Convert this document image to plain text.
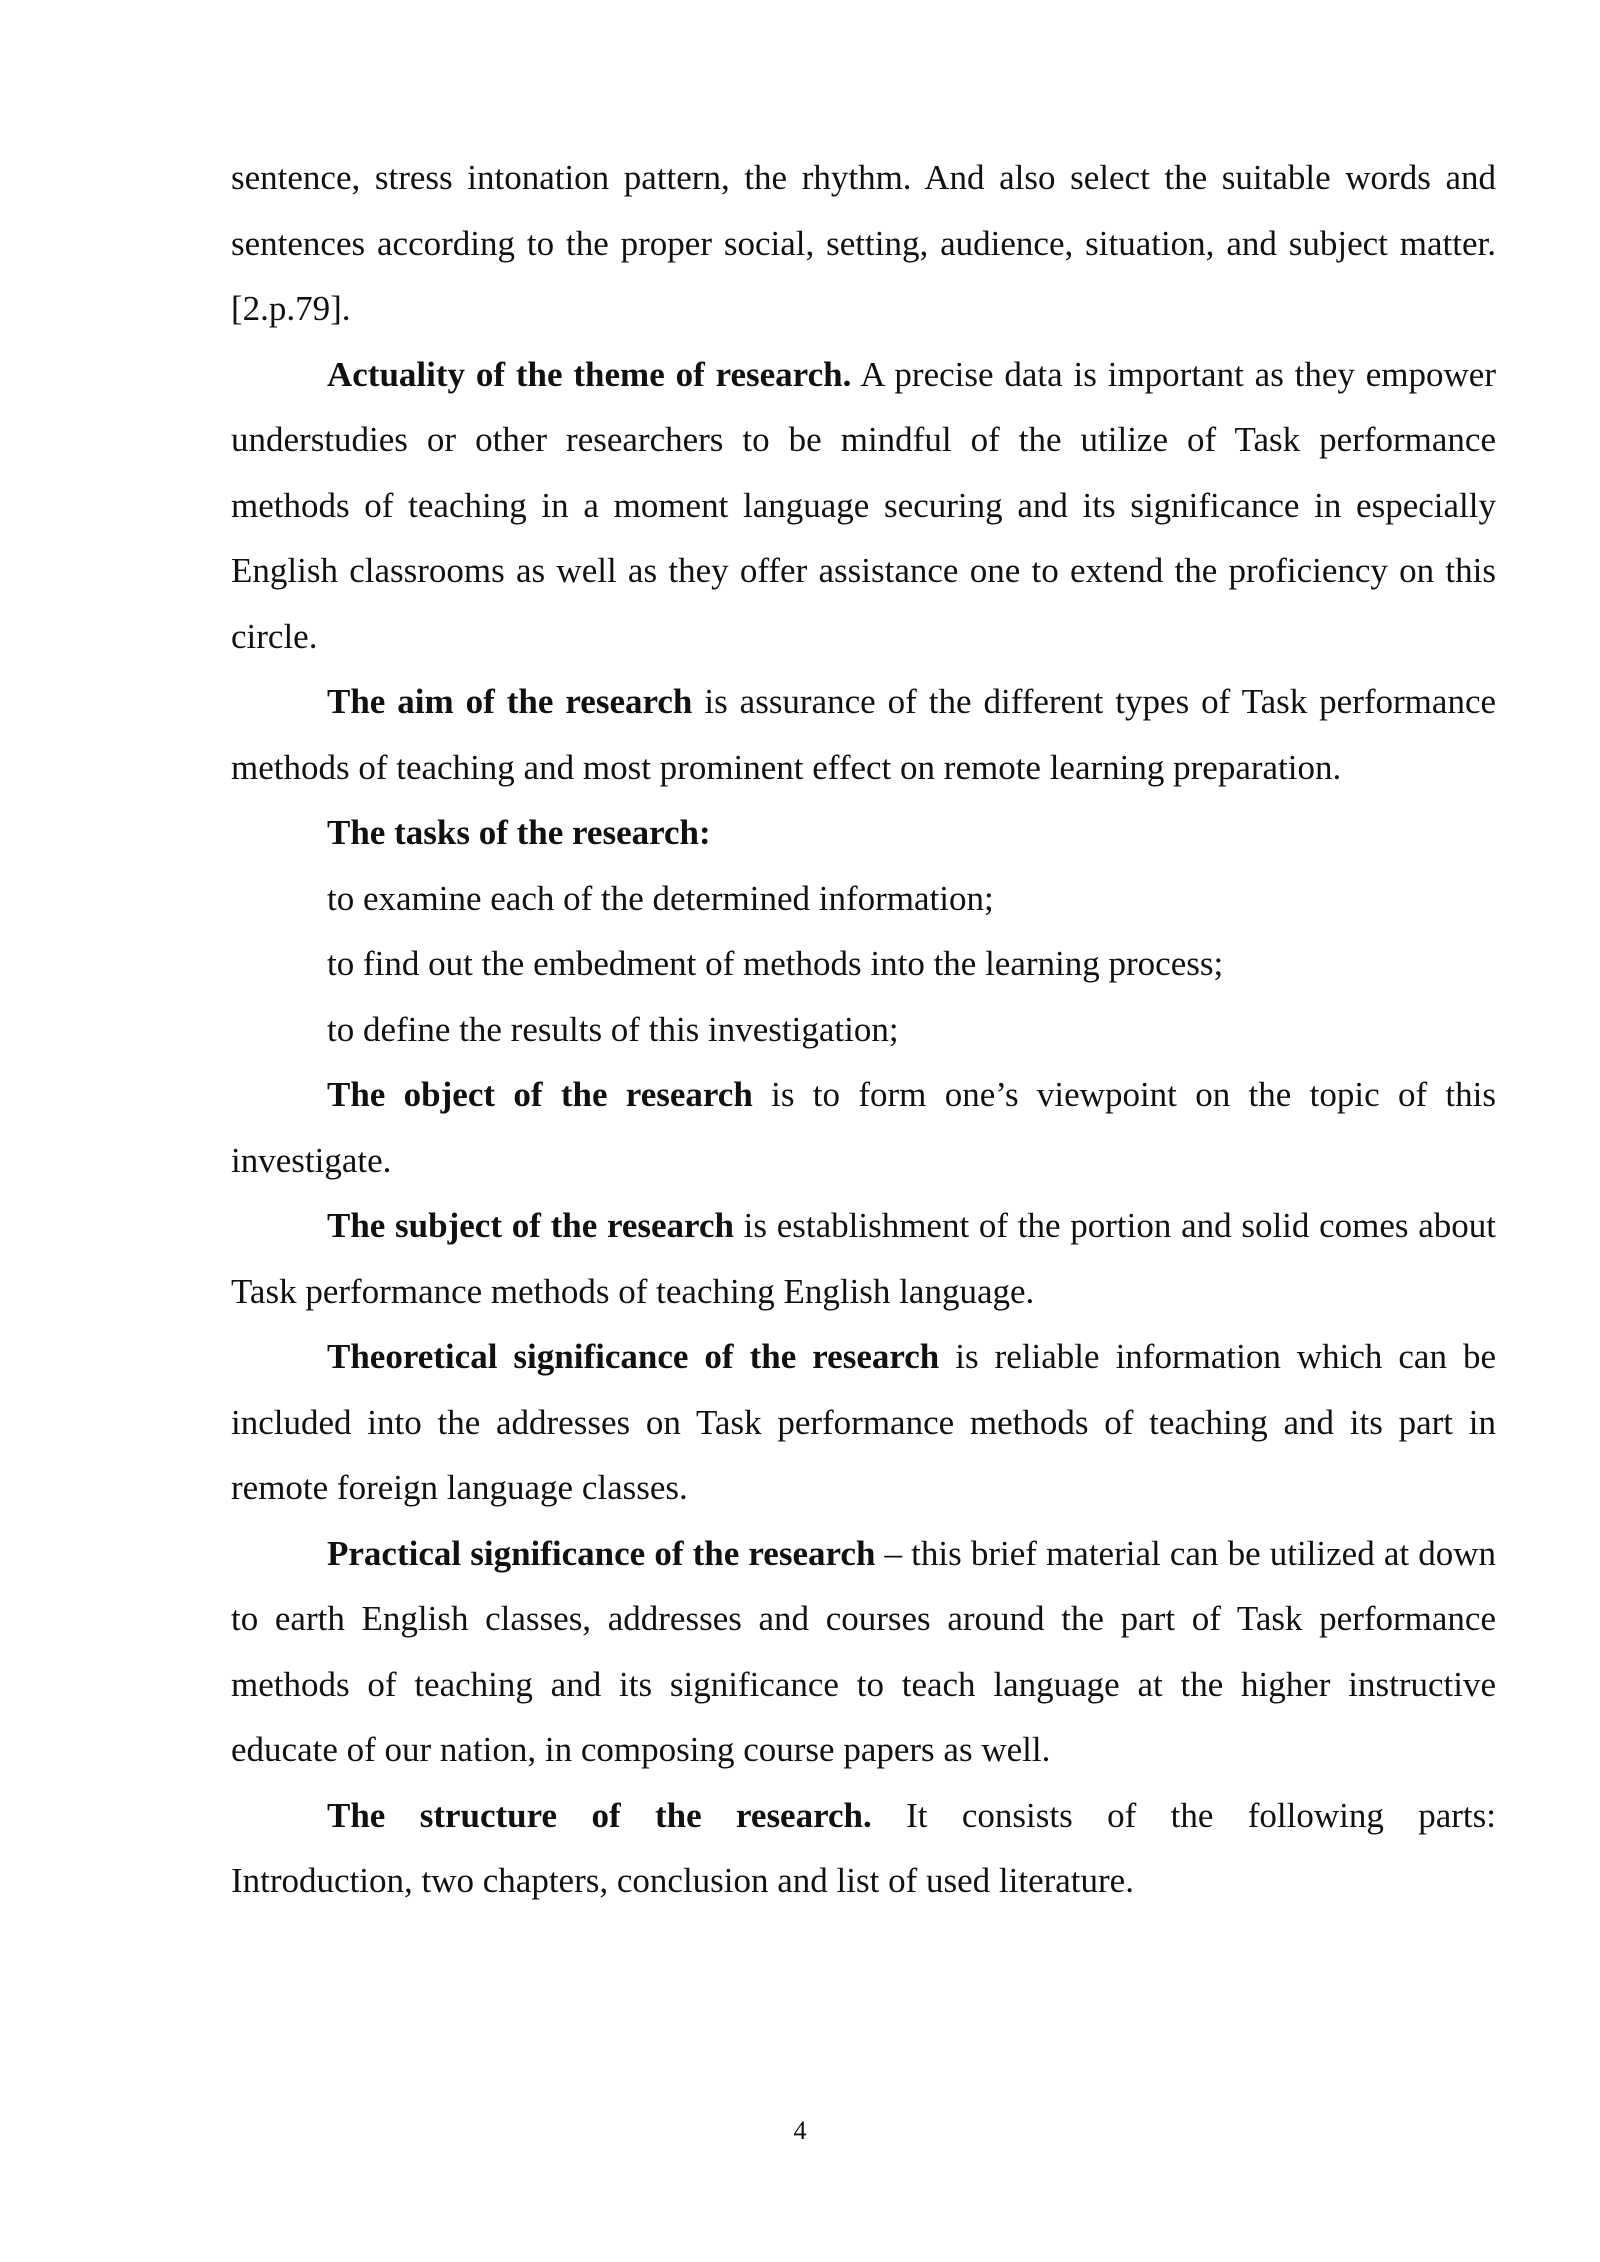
sentence, stress intonation pattern, the rhythm. And also select the suitable words and sentences according to the proper social, setting, audience, situation, and subject matter. [2.p.79].

Actuality of the theme of research. A precise data is important as they empower understudies or other researchers to be mindful of the utilize of Task performance methods of teaching in a moment language securing and its significance in especially English classrooms as well as they offer assistance one to extend the proficiency on this circle.

The aim of the research is assurance of the different types of Task performance methods of teaching and most prominent effect on remote learning preparation.

The tasks of the research:

to examine each of the determined information;

to find out the embedment of methods into the learning process;

to define the results of this investigation;

The object of the research is to form one’s viewpoint on the topic of this investigate.

The subject of the research is establishment of the portion and solid comes about Task performance methods of teaching English language.

Theoretical significance of the research is reliable information which can be included into the addresses on Task performance methods of teaching and its part in remote foreign language classes.

Practical significance of the research – this brief material can be utilized at down to earth English classes, addresses and courses around the part of Task performance methods of teaching and its significance to teach language at the higher instructive educate of our nation, in composing course papers as well.

The structure of the research. It consists of the following parts:

Introduction, two chapters, conclusion and list of used literature.

4
